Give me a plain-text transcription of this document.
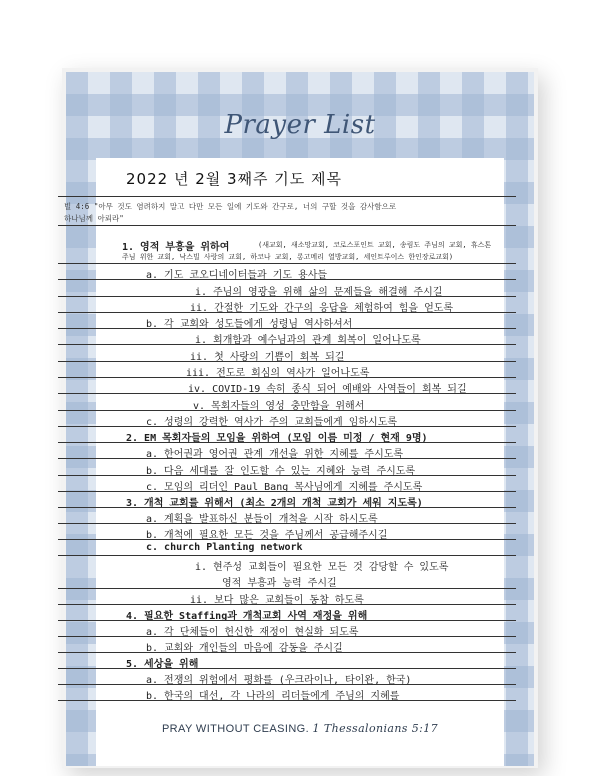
Prayer List
2022 년 2월 3째주 기도 제목
빌 4:6 "아무 것도 염려하지 말고 다만 모든 일에 기도와 간구로, 너의 구할 것을 감사함으로
하나님께 아뢰라"
1. 영적 부흥을 위하여	(새교회, 새소망교회, 코로스포인트 교회, 송림도 주님의 교회, 휴스톤
주님 위한 교회, 낙스빌 사랑의 교회, 하코나 교회, 롱고메리 열방교회, 세인트루이스 한인장로교회)
a. 기도 코오디네이터들과 기도 용사들
i. 주님의 영광을 위해 삶의 문제들을 해결해 주시길
ii. 간절한 기도와 간구의 응답을 체험하여 힘을 얻도록
b. 각 교회와 성도들에게 성령님 역사하셔서
i. 회개함과 예수님과의 관계 회복이 일어나도록
ii. 첫 사랑의 기쁨이 회복 되길
iii. 전도로 회심의 역사가 일어나도록
iv. COVID-19 속히 종식 되어 예배와 사역들이 회복 되길
v. 목회자들의 영성 충만함을 위해서
c. 성령의 강력한 역사가 주의 교회들에게 임하시도록
2. EM 목회자들의 모임을 위하여 (모임 이름 미정 / 현재 9명)
a. 한어권과 영어권 관계 개선을 위한 지혜를 주시도록
b. 다음 세대를 잘 인도할 수 있는 지혜와 능력 주시도록
c. 모임의 리더인 Paul Bang 목사님에게 지혜를 주시도록
3. 개척 교회를 위해서 (최소 2개의 개척 교회가 세워 지도록)
a. 계획을 발표하신 분들이 개척을 시작 하시도록
b. 개척에 필요한 모든 것을 주님께서 공급해주시길
c. church Planting network
i. 현주성 교회들이 필요한 모든 것 감당할 수 있도록
영적 부흥과 능력 주시길
ii. 보다 많은 교회들이 동참 하도록
4. 필요한 Staffing과 개척교회 사역 재정을 위해
a. 각 단체들이 헌신한 재정이 현실화 되도록
b. 교회와 개인들의 마음에 감동을 주시길
5. 세상을 위해
a. 전쟁의 위험에서 평화를 (우크라이나, 타이완, 한국)
b. 한국의 대선, 각 나라의 리더들에게 주님의 지혜를
PRAY WITHOUT CEASING. 1 Thessalonians 5:17
